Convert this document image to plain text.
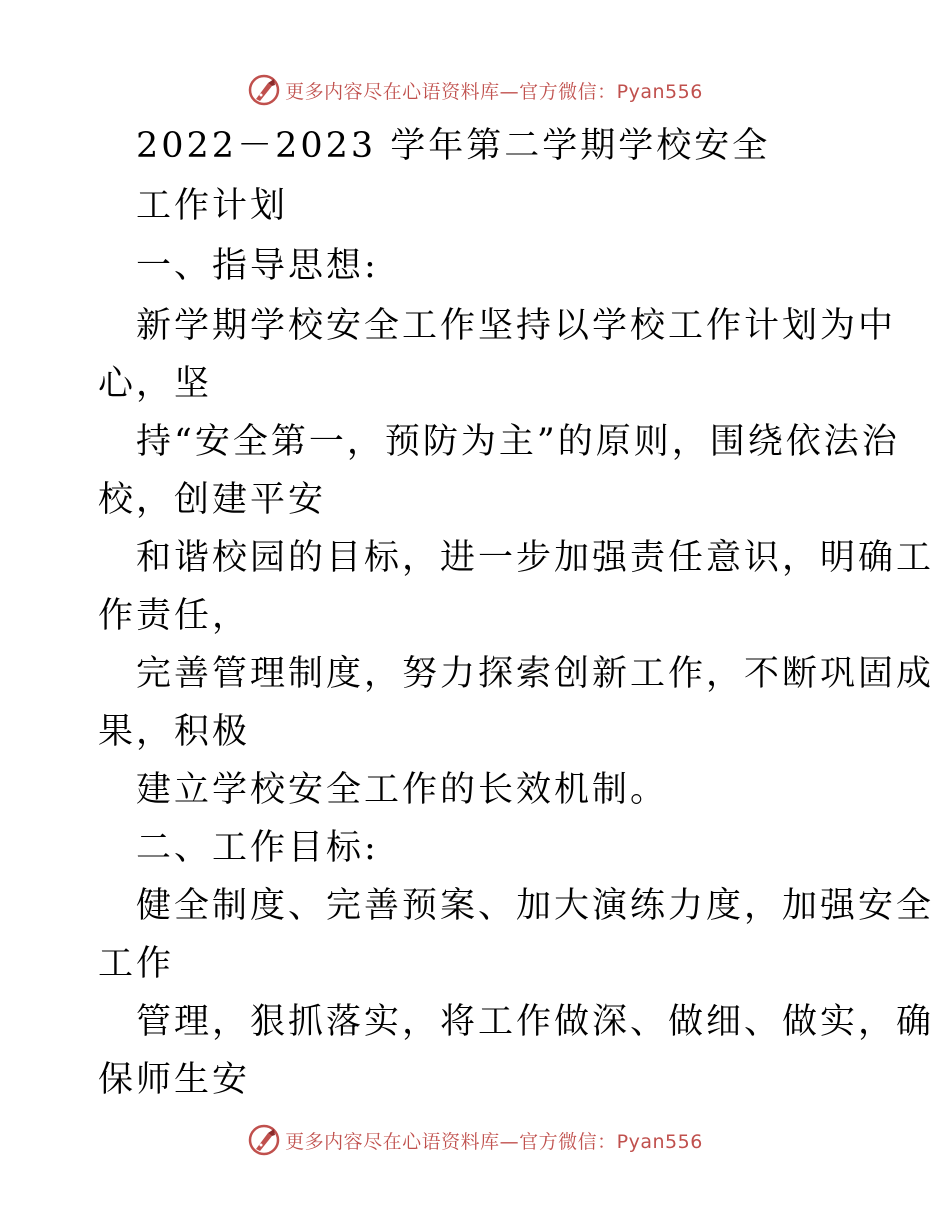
更多内容尽在心语资料库—官方微信：Pyan556

2022－2023 学年第二学期学校安全

工作计划

一、指导思想:

新学期学校安全工作坚持以学校工作计划为中

心，坚

持“安全第一，预防为主”的原则，围绕依法治

校，创建平安

和谐校园的目标，进一步加强责任意识，明确工

作责任，

完善管理制度，努力探索创新工作，不断巩固成

果，积极

建立学校安全工作的长效机制。

二、工作目标:

健全制度、完善预案、加大演练力度，加强安全

工作

管理，狠抓落实，将工作做深、做细、做实，确

保师生安

更多内容尽在心语资料库—官方微信：Pyan556
